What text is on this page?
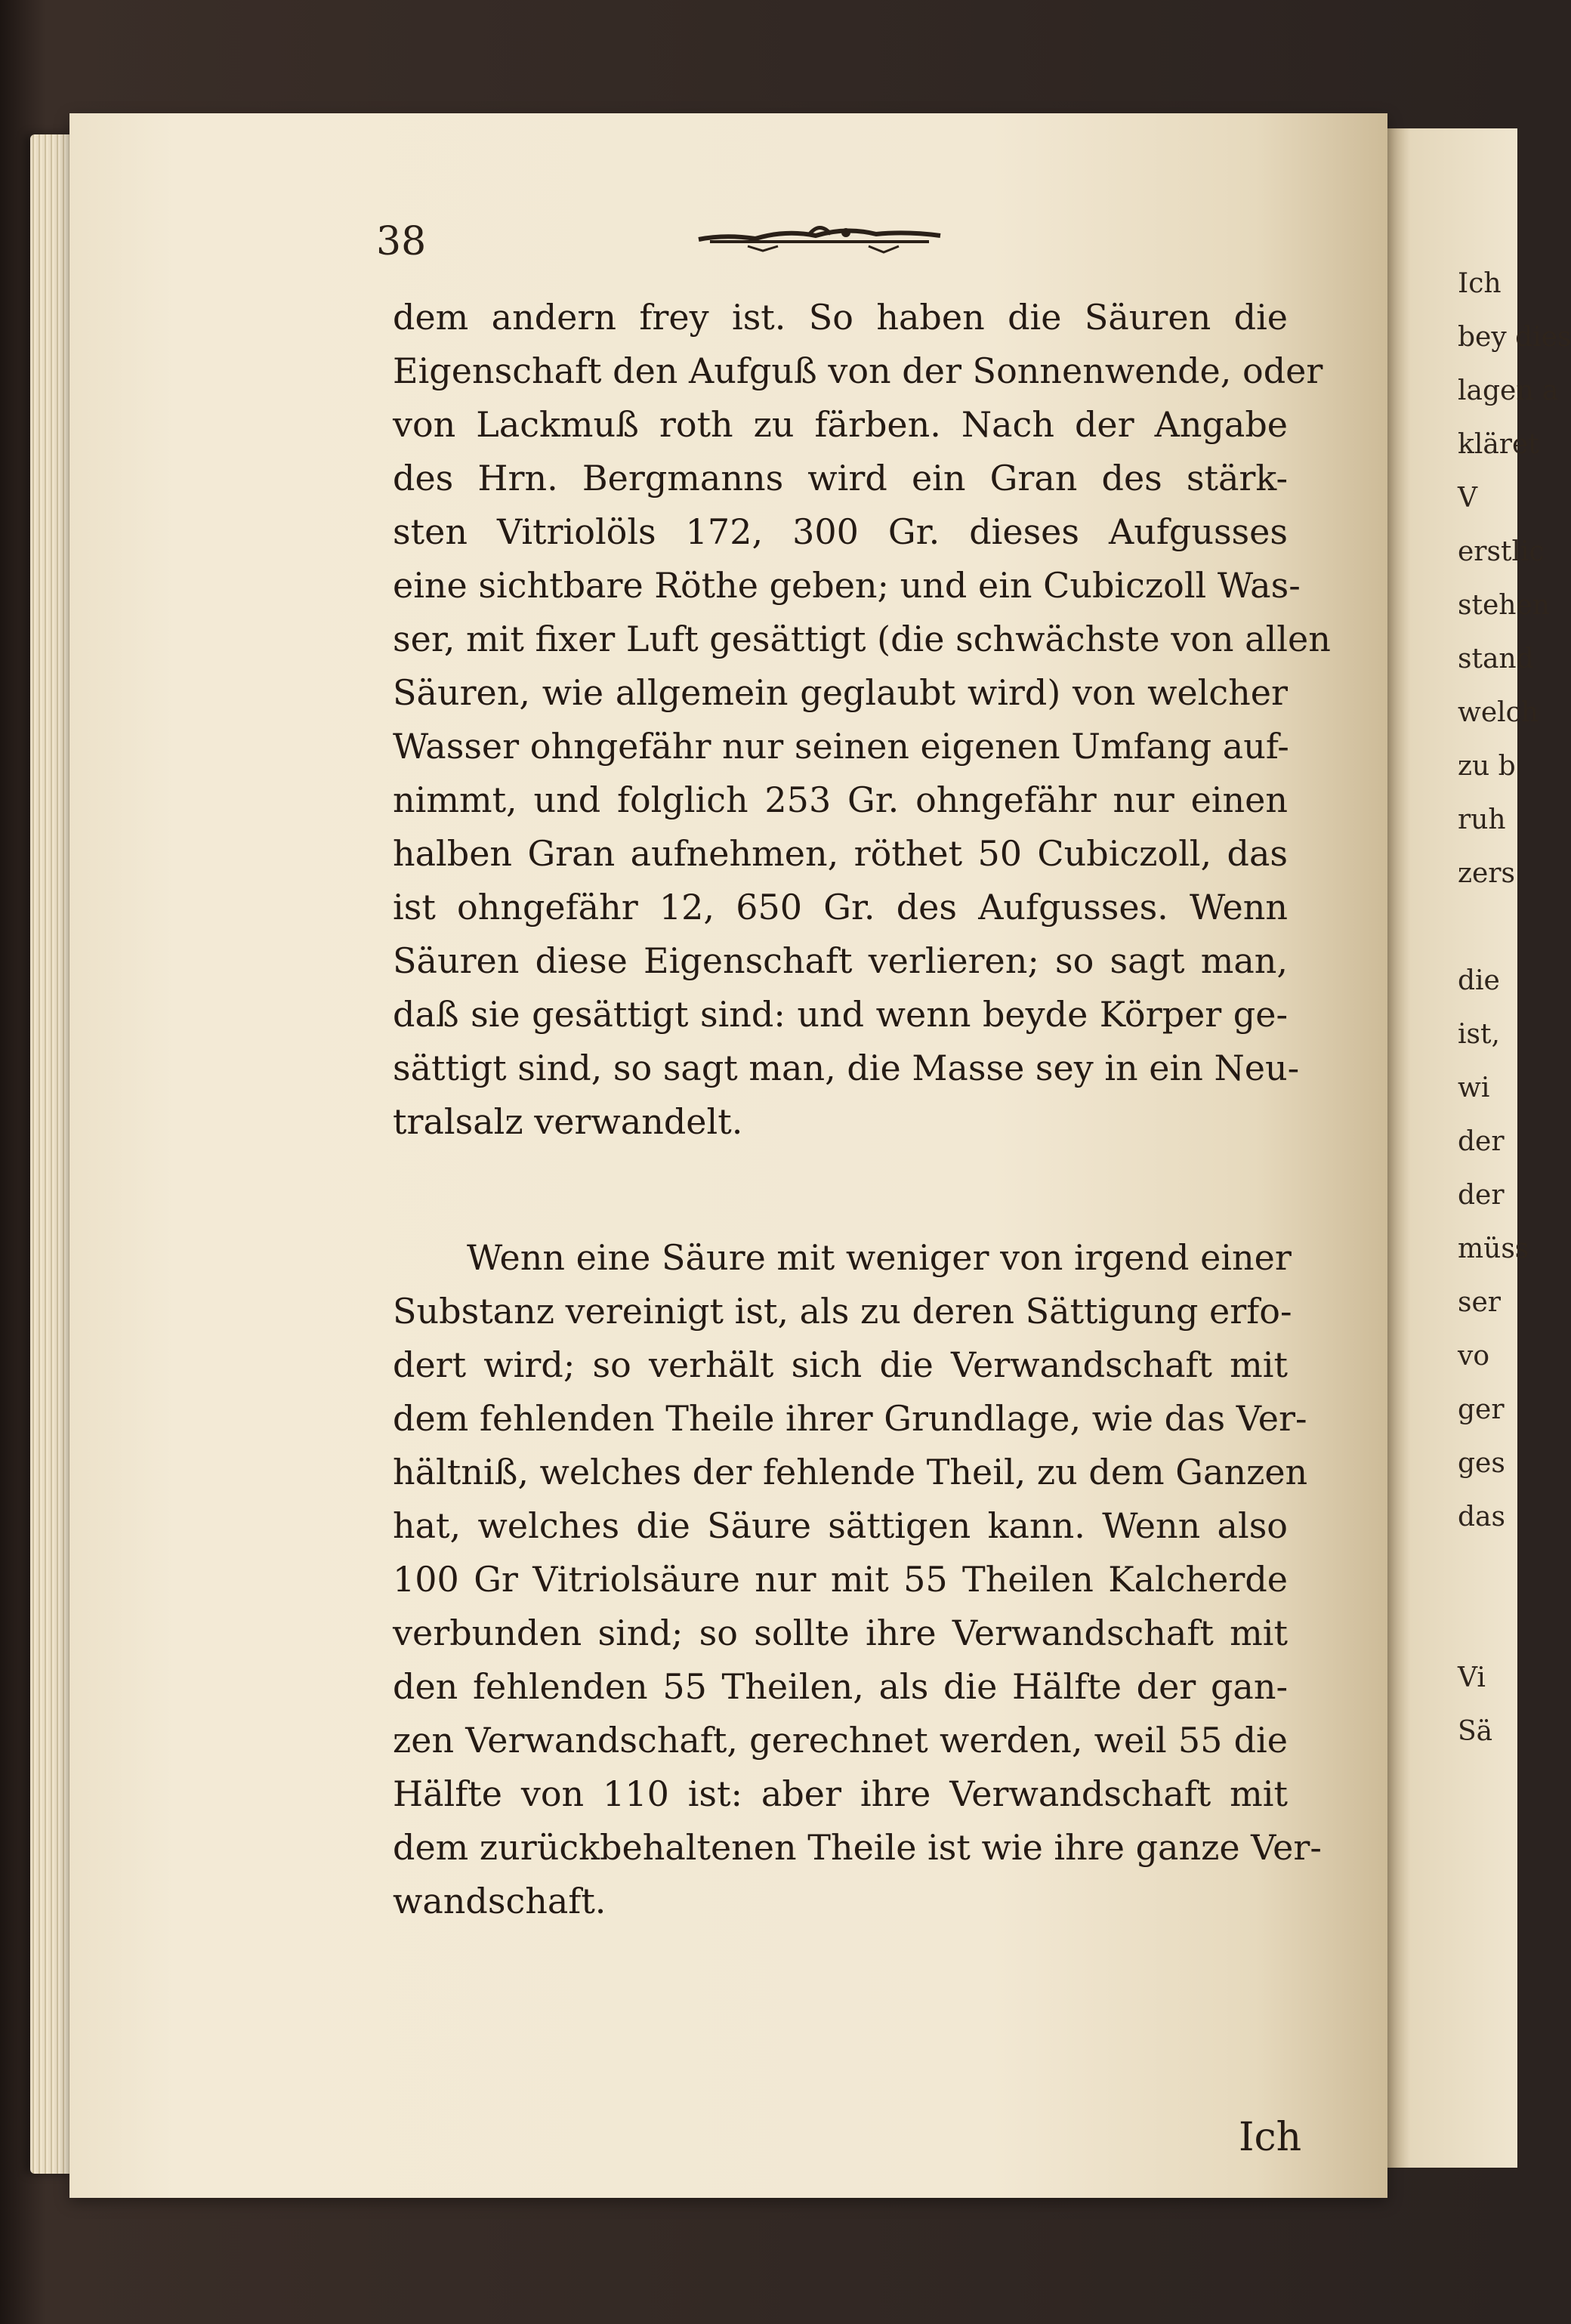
38
dem andern frey ist. So haben die Säuren die
Eigenschaft den Aufguß von der Sonnenwende, oder
von Lackmuß roth zu färben. Nach der Angabe
des Hrn. Bergmanns wird ein Gran des stärk-
sten Vitriolöls 172, 300 Gr. dieses Aufgusses
eine sichtbare Röthe geben; und ein Cubiczoll Was-
ser, mit fixer Luft gesättigt (die schwächste von allen
Säuren, wie allgemein geglaubt wird) von welcher
Wasser ohngefähr nur seinen eigenen Umfang auf-
nimmt, und folglich 253 Gr. ohngefähr nur einen
halben Gran aufnehmen, röthet 50 Cubiczoll, das
ist ohngefähr 12, 650 Gr. des Aufgusses. Wenn
Säuren diese Eigenschaft verlieren; so sagt man,
daß sie gesättigt sind: und wenn beyde Körper ge-
sättigt sind, so sagt man, die Masse sey in ein Neu-
tralsalz verwandelt.
Wenn eine Säure mit weniger von irgend einer
Substanz vereinigt ist, als zu deren Sättigung erfo-
dert wird; so verhält sich die Verwandschaft mit
dem fehlenden Theile ihrer Grundlage, wie das Ver-
hältniß, welches der fehlende Theil, zu dem Ganzen
hat, welches die Säure sättigen kann. Wenn also
100 Gr Vitriolsäure nur mit 55 Theilen Kalcherde
verbunden sind; so sollte ihre Verwandschaft mit
den fehlenden 55 Theilen, als die Hälfte der gan-
zen Verwandschaft, gerechnet werden, weil 55 die
Hälfte von 110 ist: aber ihre Verwandschaft mit
dem zurückbehaltenen Theile ist wie ihre ganze Ver-
wandschaft.
Ich
Ich
bey dies
lagen a
kläret
V
erstlic
stehen
stand
welch
zu b
ruh
zers
die
ist,
wi
der
der
müss
ser
vo
ger
ges
das
Vi
Sä
